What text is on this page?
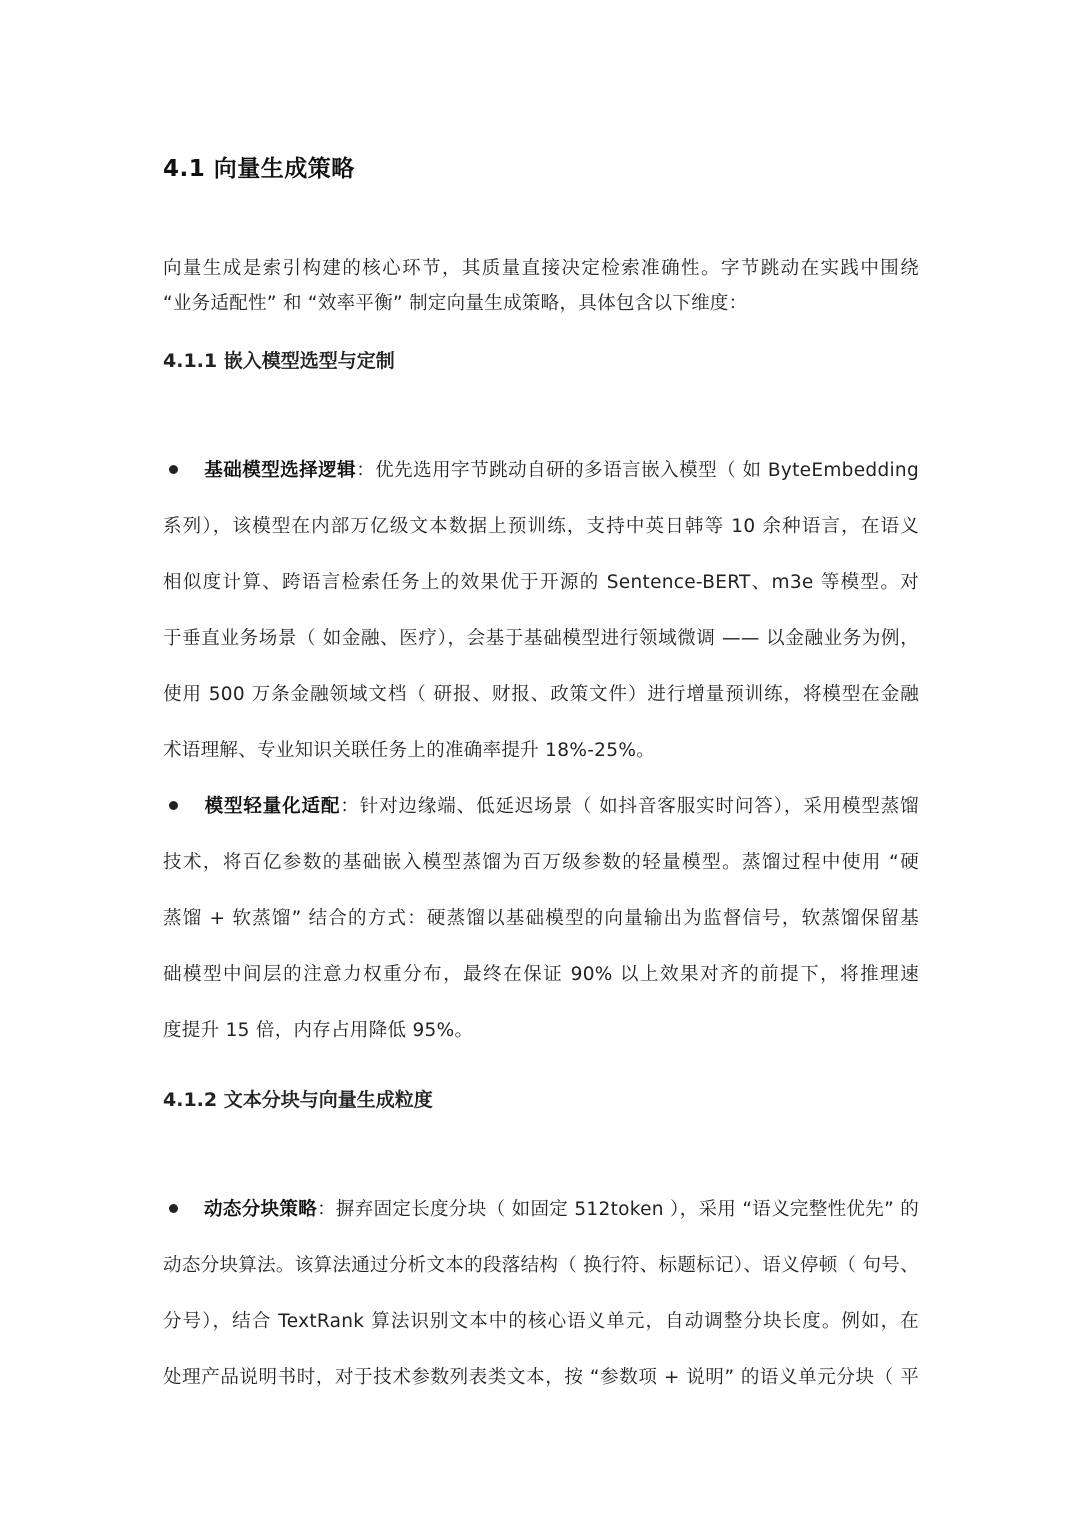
4.1 向量生成策略
向量生成是索引构建的核心环节，其质量直接决定检索准确性。字节跳动在实践中围绕
“业务适配性” 和 “效率平衡” 制定向量生成策略，具体包含以下维度：
4.1.1 嵌入模型选型与定制
基础模型选择逻辑：优先选用字节跳动自研的多语言嵌入模型（ 如 ByteEmbedding
系列），该模型在内部万亿级文本数据上预训练，支持中英日韩等 10 余种语言，在语义
相似度计算、跨语言检索任务上的效果优于开源的 Sentence-BERT、m3e 等模型。对
于垂直业务场景（ 如金融、医疗），会基于基础模型进行领域微调 —— 以金融业务为例，
使用 500 万条金融领域文档（ 研报、财报、政策文件）进行增量预训练，将模型在金融
术语理解、专业知识关联任务上的准确率提升 18%-25%。
模型轻量化适配：针对边缘端、低延迟场景（ 如抖音客服实时问答），采用模型蒸馏
技术，将百亿参数的基础嵌入模型蒸馏为百万级参数的轻量模型。蒸馏过程中使用 “硬
蒸馏 + 软蒸馏” 结合的方式：硬蒸馏以基础模型的向量输出为监督信号，软蒸馏保留基
础模型中间层的注意力权重分布，最终在保证 90% 以上效果对齐的前提下，将推理速
度提升 15 倍，内存占用降低 95%。
4.1.2 文本分块与向量生成粒度
动态分块策略：摒弃固定长度分块（ 如固定 512token ），采用 “语义完整性优先” 的
动态分块算法。该算法通过分析文本的段落结构（ 换行符、标题标记）、语义停顿（ 句号、
分号），结合 TextRank 算法识别文本中的核心语义单元，自动调整分块长度。例如，在
处理产品说明书时，对于技术参数列表类文本，按 “参数项 + 说明” 的语义单元分块（ 平
